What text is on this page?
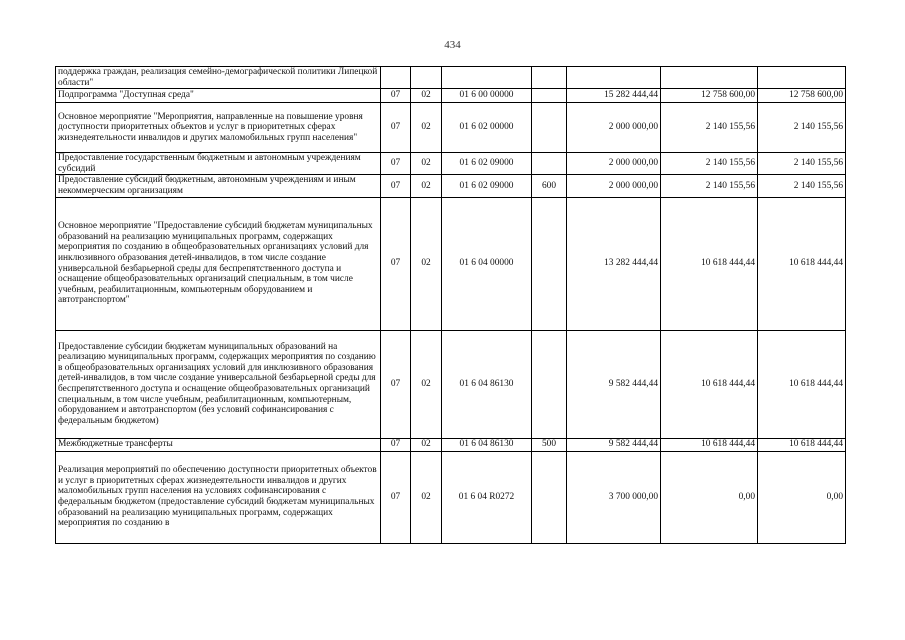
434
поддержка граждан, реализация семейно-демографической политики Липецкой области"							
Подпрограмма "Доступная среда"	07	02	01 6 00 00000		15 282 444,44	12 758 600,00	12 758 600,00
Основное мероприятие "Мероприятия, направленные на повышение уровня доступности приоритетных объектов и услуг в приоритетных сферах жизнедеятельности инвалидов и других маломобильных групп населения"	07	02	01 6 02 00000		2 000 000,00	2 140 155,56	2 140 155,56
Предоставление государственным бюджетным и автономным учреждениям субсидий	07	02	01 6 02 09000		2 000 000,00	2 140 155,56	2 140 155,56
Предоставление субсидий бюджетным, автономным учреждениям и иным некоммерческим организациям	07	02	01 6 02 09000	600	2 000 000,00	2 140 155,56	2 140 155,56
Основное мероприятие "Предоставление субсидий бюджетам муниципальных образований на реализацию муниципальных программ, содержащих мероприятия по созданию в общеобразовательных организациях условий для инклюзивного образования детей-инвалидов, в том числе создание универсальной безбарьерной среды для беспрепятственного доступа и оснащение общеобразовательных организаций специальным, в том числе учебным, реабилитационным, компьютерным оборудованием и автотранспортом"	07	02	01 6 04 00000		13 282 444,44	10 618 444,44	10 618 444,44
Предоставление субсидии бюджетам муниципальных образований на реализацию муниципальных программ, содержащих мероприятия по созданию в общеобразовательных организациях условий для инклюзивного образования детей-инвалидов, в том числе создание универсальной безбарьерной среды для беспрепятственного доступа и оснащение общеобразовательных организаций специальным, в том числе учебным, реабилитационным, компьютерным, оборудованием и автотранспортом (без условий софинансирования с федеральным бюджетом)	07	02	01 6 04 86130		9 582 444,44	10 618 444,44	10 618 444,44
Межбюджетные трансферты	07	02	01 6 04 86130	500	9 582 444,44	10 618 444,44	10 618 444,44
Реализация мероприятий по обеспечению доступности приоритетных объектов и услуг в приоритетных сферах жизнедеятельности инвалидов и других маломобильных групп населения на условиях софинансирования с федеральным бюджетом (предоставление субсидий бюджетам муниципальных образований на реализацию муниципальных программ, содержащих мероприятия по созданию в	07	02	01 6 04 R0272		3 700 000,00	0,00	0,00
